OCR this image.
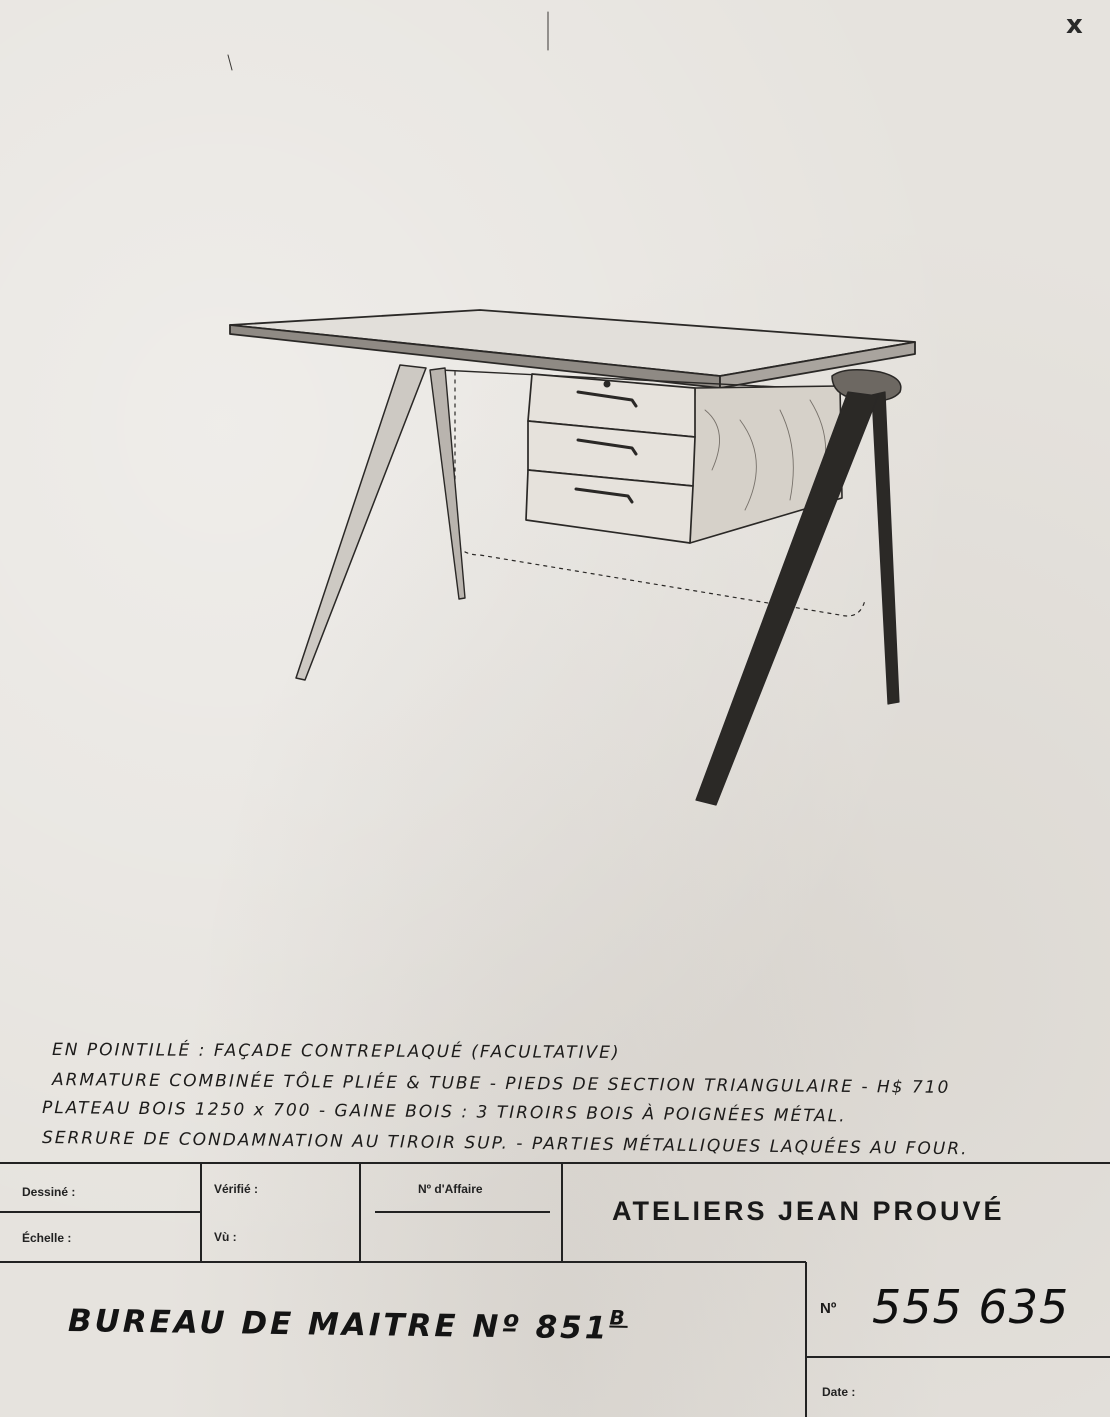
x
EN POINTILLÉ : FAÇADE CONTREPLAQUÉ (FACULTATIVE)
ARMATURE COMBINÉE TÔLE PLIÉE & TUBE - PIEDS DE SECTION TRIANGULAIRE - H$ 710
PLATEAU BOIS 1250 x 700 - GAINE BOIS : 3 TIROIRS BOIS À POIGNÉES MÉTAL.
SERRURE DE CONDAMNATION AU TIROIR SUP. - PARTIES MÉTALLIQUES LAQUÉES AU FOUR.
Dessiné :
Échelle :
Vérifié :
Vù :
Nº d'Affaire
ATELIERS JEAN PROUVÉ
BUREAU DE MAITRE Nº $851^B$	Nº 555 635
Date :
